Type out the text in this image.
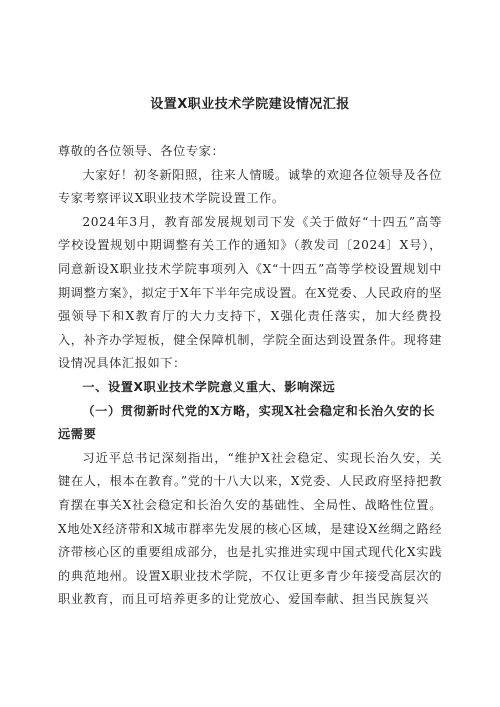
设置X职业技术学院建设情况汇报

尊敬的各位领导、各位专家：

大家好！初冬新阳照，往来人情暖。诚挚的欢迎各位领导及各位专家考察评议X职业技术学院设置工作。

2024年3月，教育部发展规划司下发《关于做好“十四五”高等学校设置规划中期调整有关工作的通知》（教发司〔2024〕X号），同意新设X职业技术学院事项列入《X“十四五”高等学校设置规划中期调整方案》，拟定于X年下半年完成设置。在X党委、人民政府的坚强领导下和X教育厅的大力支持下，X强化责任落实，加大经费投入，补齐办学短板，健全保障机制，学院全面达到设置条件。现将建设情况具体汇报如下：

一、设置X职业技术学院意义重大、影响深远

（一）贯彻新时代党的X方略，实现X社会稳定和长治久安的长远需要

习近平总书记深刻指出，“维护X社会稳定、实现长治久安，关键在人，根本在教育。”党的十八大以来，X党委、人民政府坚持把教育摆在事关X社会稳定和长治久安的基础性、全局性、战略性位置。X地处X经济带和X城市群率先发展的核心区域，是建设X丝绸之路经济带核心区的重要组成部分，也是扎实推进实现中国式现代化X实践的典范地州。设置X职业技术学院，不仅让更多青少年接受高层次的职业教育，而且可培养更多的让党放心、爱国奉献、担当民族复兴
